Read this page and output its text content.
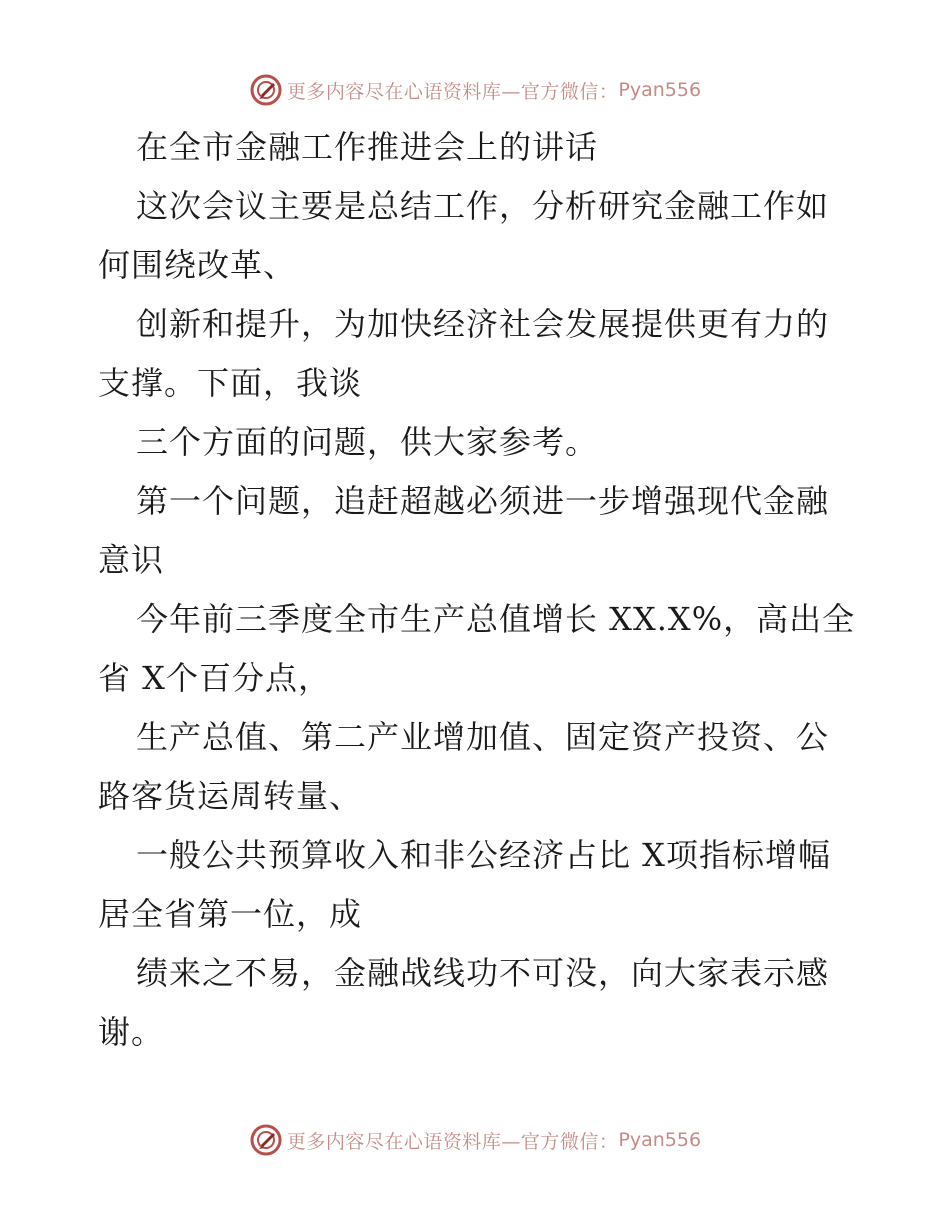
更多内容尽在心语资料库—官方微信： Pyan556

在全市金融工作推进会上的讲话

这次会议主要是总结工作，分析研究金融工作如何围绕改革、

创新和提升，为加快经济社会发展提供更有力的支撑。下面，我谈

三个方面的问题，供大家参考。

第一个问题，追赶超越必须进一步增强现代金融意识

今年前三季度全市生产总值增长 XX.X%，高出全省 X个百分点，

生产总值、第二产业增加值、固定资产投资、公路客货运周转量、

一般公共预算收入和非公经济占比 X项指标增幅居全省第一位，成

绩来之不易，金融战线功不可没，向大家表示感谢。

更多内容尽在心语资料库—官方微信： Pyan556
